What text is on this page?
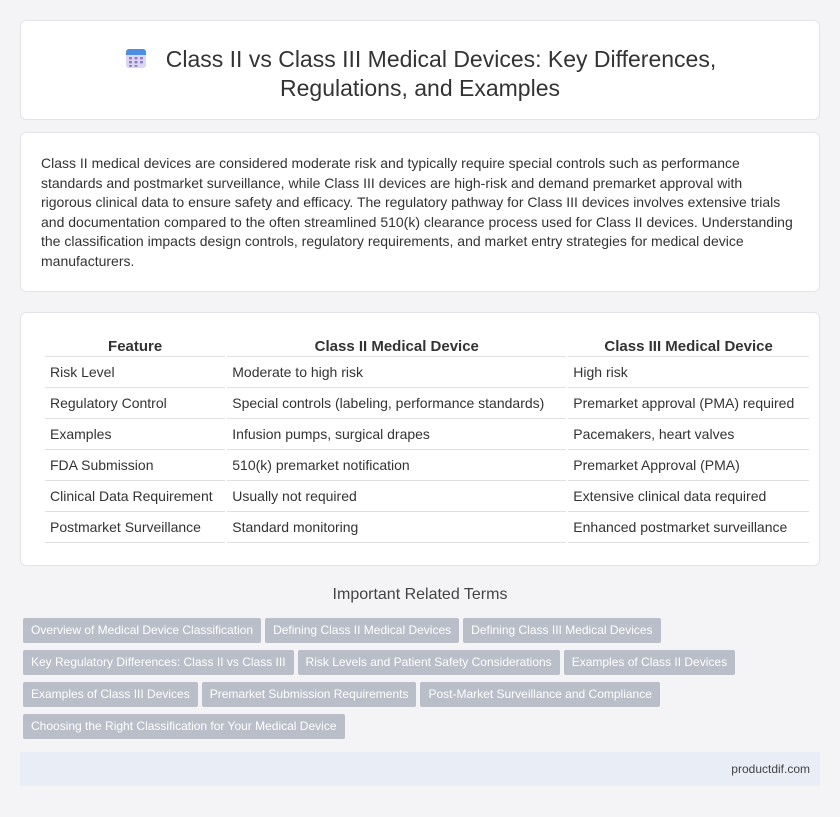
Class II vs Class III Medical Devices: Key Differences, Regulations, and Examples

Class II medical devices are considered moderate risk and typically require special controls such as performance standards and postmarket surveillance, while Class III devices are high-risk and demand premarket approval with rigorous clinical data to ensure safety and efficacy. The regulatory pathway for Class III devices involves extensive trials and documentation compared to the often streamlined 510(k) clearance process used for Class II devices. Understanding the classification impacts design controls, regulatory requirements, and market entry strategies for medical device manufacturers.

Feature	Class II Medical Device	Class III Medical Device
Risk Level	Moderate to high risk	High risk
Regulatory Control	Special controls (labeling, performance standards)	Premarket approval (PMA) required
Examples	Infusion pumps, surgical drapes	Pacemakers, heart valves
FDA Submission	510(k) premarket notification	Premarket Approval (PMA)
Clinical Data Requirement	Usually not required	Extensive clinical data required
Postmarket Surveillance	Standard monitoring	Enhanced postmarket surveillance
Important Related Terms
Overview of Medical Device Classification Defining Class II Medical Devices Defining Class III Medical Devices
Key Regulatory Differences: Class II vs Class III Risk Levels and Patient Safety Considerations Examples of Class II Devices
Examples of Class III Devices Premarket Submission Requirements Post-Market Surveillance and Compliance
Choosing the Right Classification for Your Medical Device
productdif.com
